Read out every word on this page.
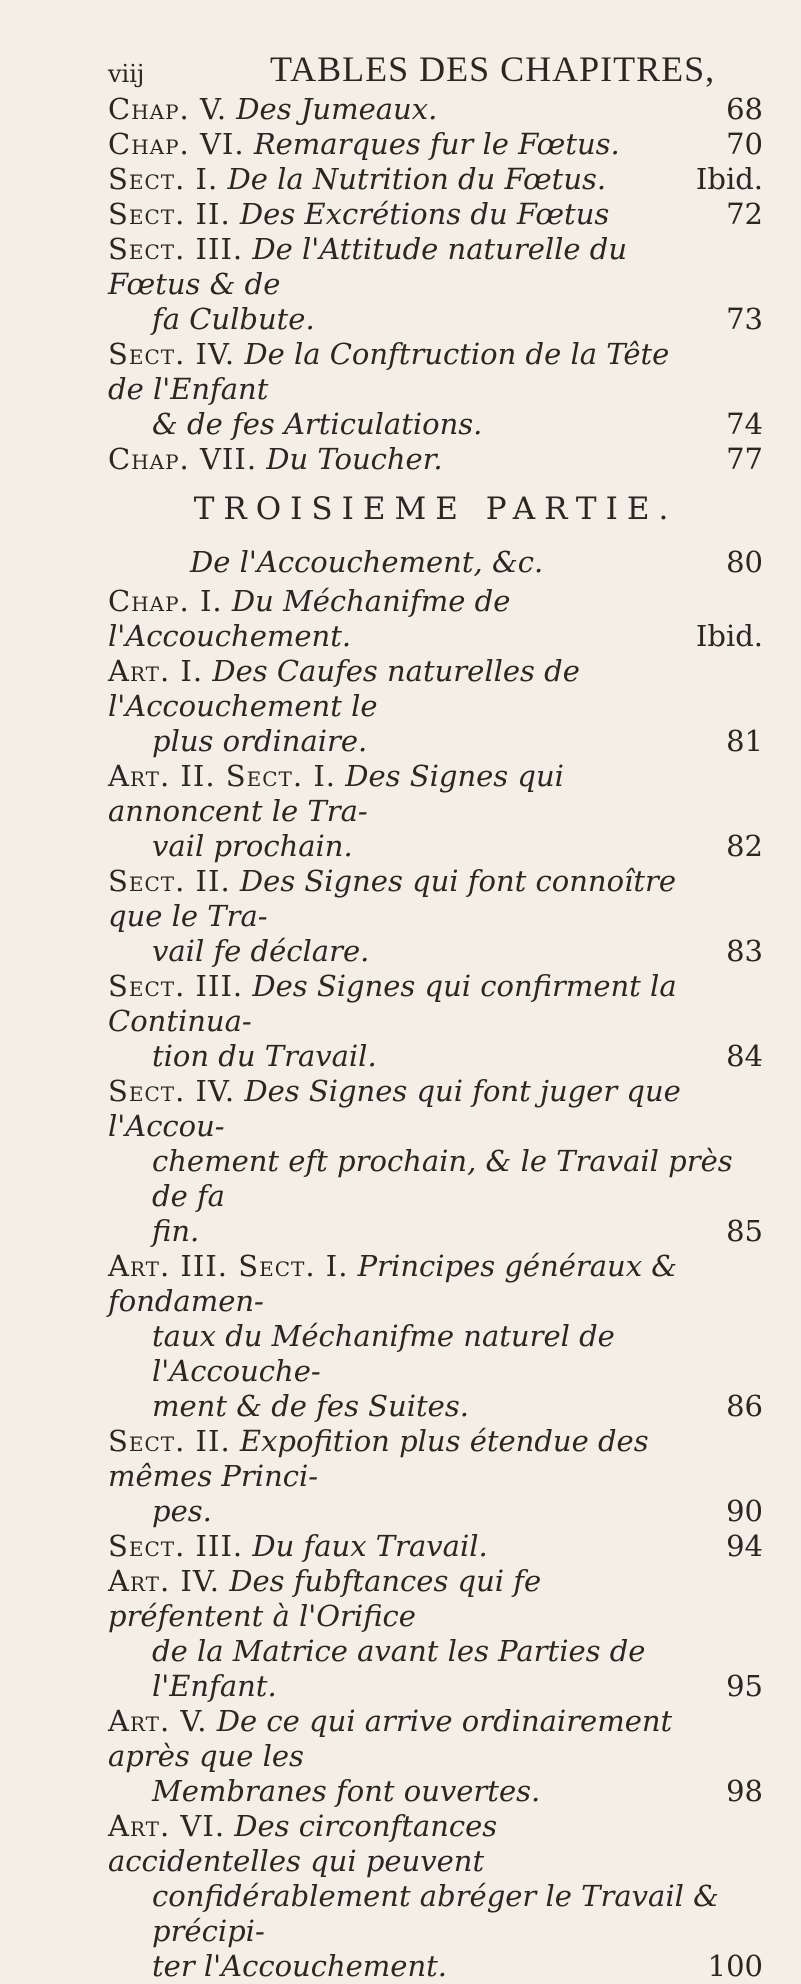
viij	TABLES DES CHAPITRES,
Chap. V. Des Jumeaux.	68
Chap. VI. Remarques fur le Fœtus.	70
Sect. I. De la Nutrition du Fœtus.	Ibid.
Sect. II. Des Excrétions du Fœtus	72
Sect. III. De l'Attitude naturelle du Fœtus & de
fa Culbute.	73
Sect. IV. De la Conftruction de la Tête de l'Enfant
& de fes Articulations.	74
Chap. VII. Du Toucher.	77
TROISIEME PARTIE.
De l'Accouchement, &c.	80
Chap. I. Du Méchanifme de l'Accouchement.	Ibid.
Art. I. Des Caufes naturelles de l'Accouchement le
plus ordinaire.	81
Art. II. Sect. I. Des Signes qui annoncent le Tra-
vail prochain.	82
Sect. II. Des Signes qui font connoître que le Tra-
vail fe déclare.	83
Sect. III. Des Signes qui confirment la Continua-
tion du Travail.	84
Sect. IV. Des Signes qui font juger que l'Accou-
chement eft prochain, & le Travail près de fa
fin.	85
Art. III. Sect. I. Principes généraux & fondamen-
taux du Méchanifme naturel de l'Accouche-
ment & de fes Suites.	86
Sect. II. Expofition plus étendue des mêmes Princi-
pes.	90
Sect. III. Du faux Travail.	94
Art. IV. Des fubftances qui fe préfentent à l'Orifice
de la Matrice avant les Parties de l'Enfant.	95
Art. V. De ce qui arrive ordinairement après que les
Membranes font ouvertes.	98
Art. VI. Des circonftances accidentelles qui peuvent
confidérablement abréger le Travail & précipi-
ter l'Accouchement.	100
